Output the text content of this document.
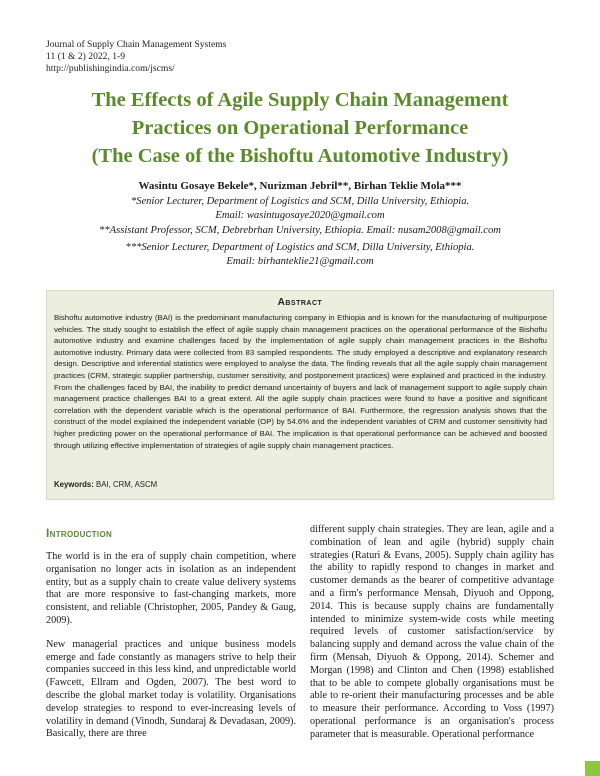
Journal of Supply Chain Management Systems
11 (1 & 2) 2022, 1-9
http://publishingindia.com/jscms/
The Effects of Agile Supply Chain Management
Practices on Operational Performance
(The Case of the Bishoftu Automotive Industry)
Wasintu Gosaye Bekele*, Nurizman Jebril**, Birhan Teklie Mola***
*Senior Lecturer, Department of Logistics and SCM, Dilla University, Ethiopia.
Email: wasintugosaye2020@gmail.com
**Assistant Professor, SCM, Debrebrhan University, Ethiopia. Email: nusam2008@gmail.com
***Senior Lecturer, Department of Logistics and SCM, Dilla University, Ethiopia.
Email: birhanteklie21@gmail.com
Abstract
Bishoftu automotive industry (BAI) is the predominant manufacturing company in Ethiopia and is known for the manufacturing of multipurpose vehicles. The study sought to establish the effect of agile supply chain management practices on the operational performance of the Bishoftu automotive industry and examine challenges faced by the implementation of agile supply chain management practices in the Bishoftu automotive industry. Primary data were collected from 83 sampled respondents. The study employed a descriptive and explanatory research design. Descriptive and inferential statistics were employed to analyse the data. The finding reveals that all the agile supply chain management practices (CRM, strategic supplier partnership, customer sensitivity, and postponement practices) were explained and practiced in the industry. From the challenges faced by BAI, the inability to predict demand uncertainty of buyers and lack of management support to agile supply chain management practice challenges BAI to a great extent. All the agile supply chain practices were found to have a positive and significant correlation with the dependent variable which is the operational performance of BAI. Furthermore, the regression analysis shows that the construct of the model explained the independent variable (OP) by 54.6% and the independent variables of CRM and customer sensitivity had higher predicting power on the operational performance of BAI. The implication is that operational performance can be achieved and boosted through utilizing effective implementation of strategies of agile supply chain management practices.
Keywords: BAI, CRM, ASCM
Introduction

The world is in the era of supply chain competition, where organisation no longer acts in isolation as an independent entity, but as a supply chain to create value delivery systems that are more responsive to fast-changing markets, more consistent, and reliable (Christopher, 2005, Pandey & Gaug, 2009).

New managerial practices and unique business models emerge and fade constantly as managers strive to help their companies succeed in this less kind, and unpredictable world (Fawcett, Ellram and Ogden, 2007). The best word to describe the global market today is volatility. Organisations develop strategies to respond to ever-increasing levels of volatility in demand (Vinodh, Sundaraj & Devadasan, 2009). Basically, there are three

different supply chain strategies. They are lean, agile and a combination of lean and agile (hybrid) supply chain strategies (Raturi & Evans, 2005). Supply chain agility has the ability to rapidly respond to changes in market and customer demands as the bearer of competitive advantage and a firm's performance Mensah, Diyuoh and Oppong, 2014. This is because supply chains are fundamentally intended to minimize system-wide costs while meeting required levels of customer satisfaction/service by balancing supply and demand across the value chain of the firm (Mensah, Diyuoh & Oppong, 2014). Schemer and Morgan (1998) and Clinton and Chen (1998) established that to be able to compete globally organisations must be able to re-orient their manufacturing processes and be able to measure their performance. According to Voss (1997) operational performance is an organisation's process parameter that is measurable. Operational performance
